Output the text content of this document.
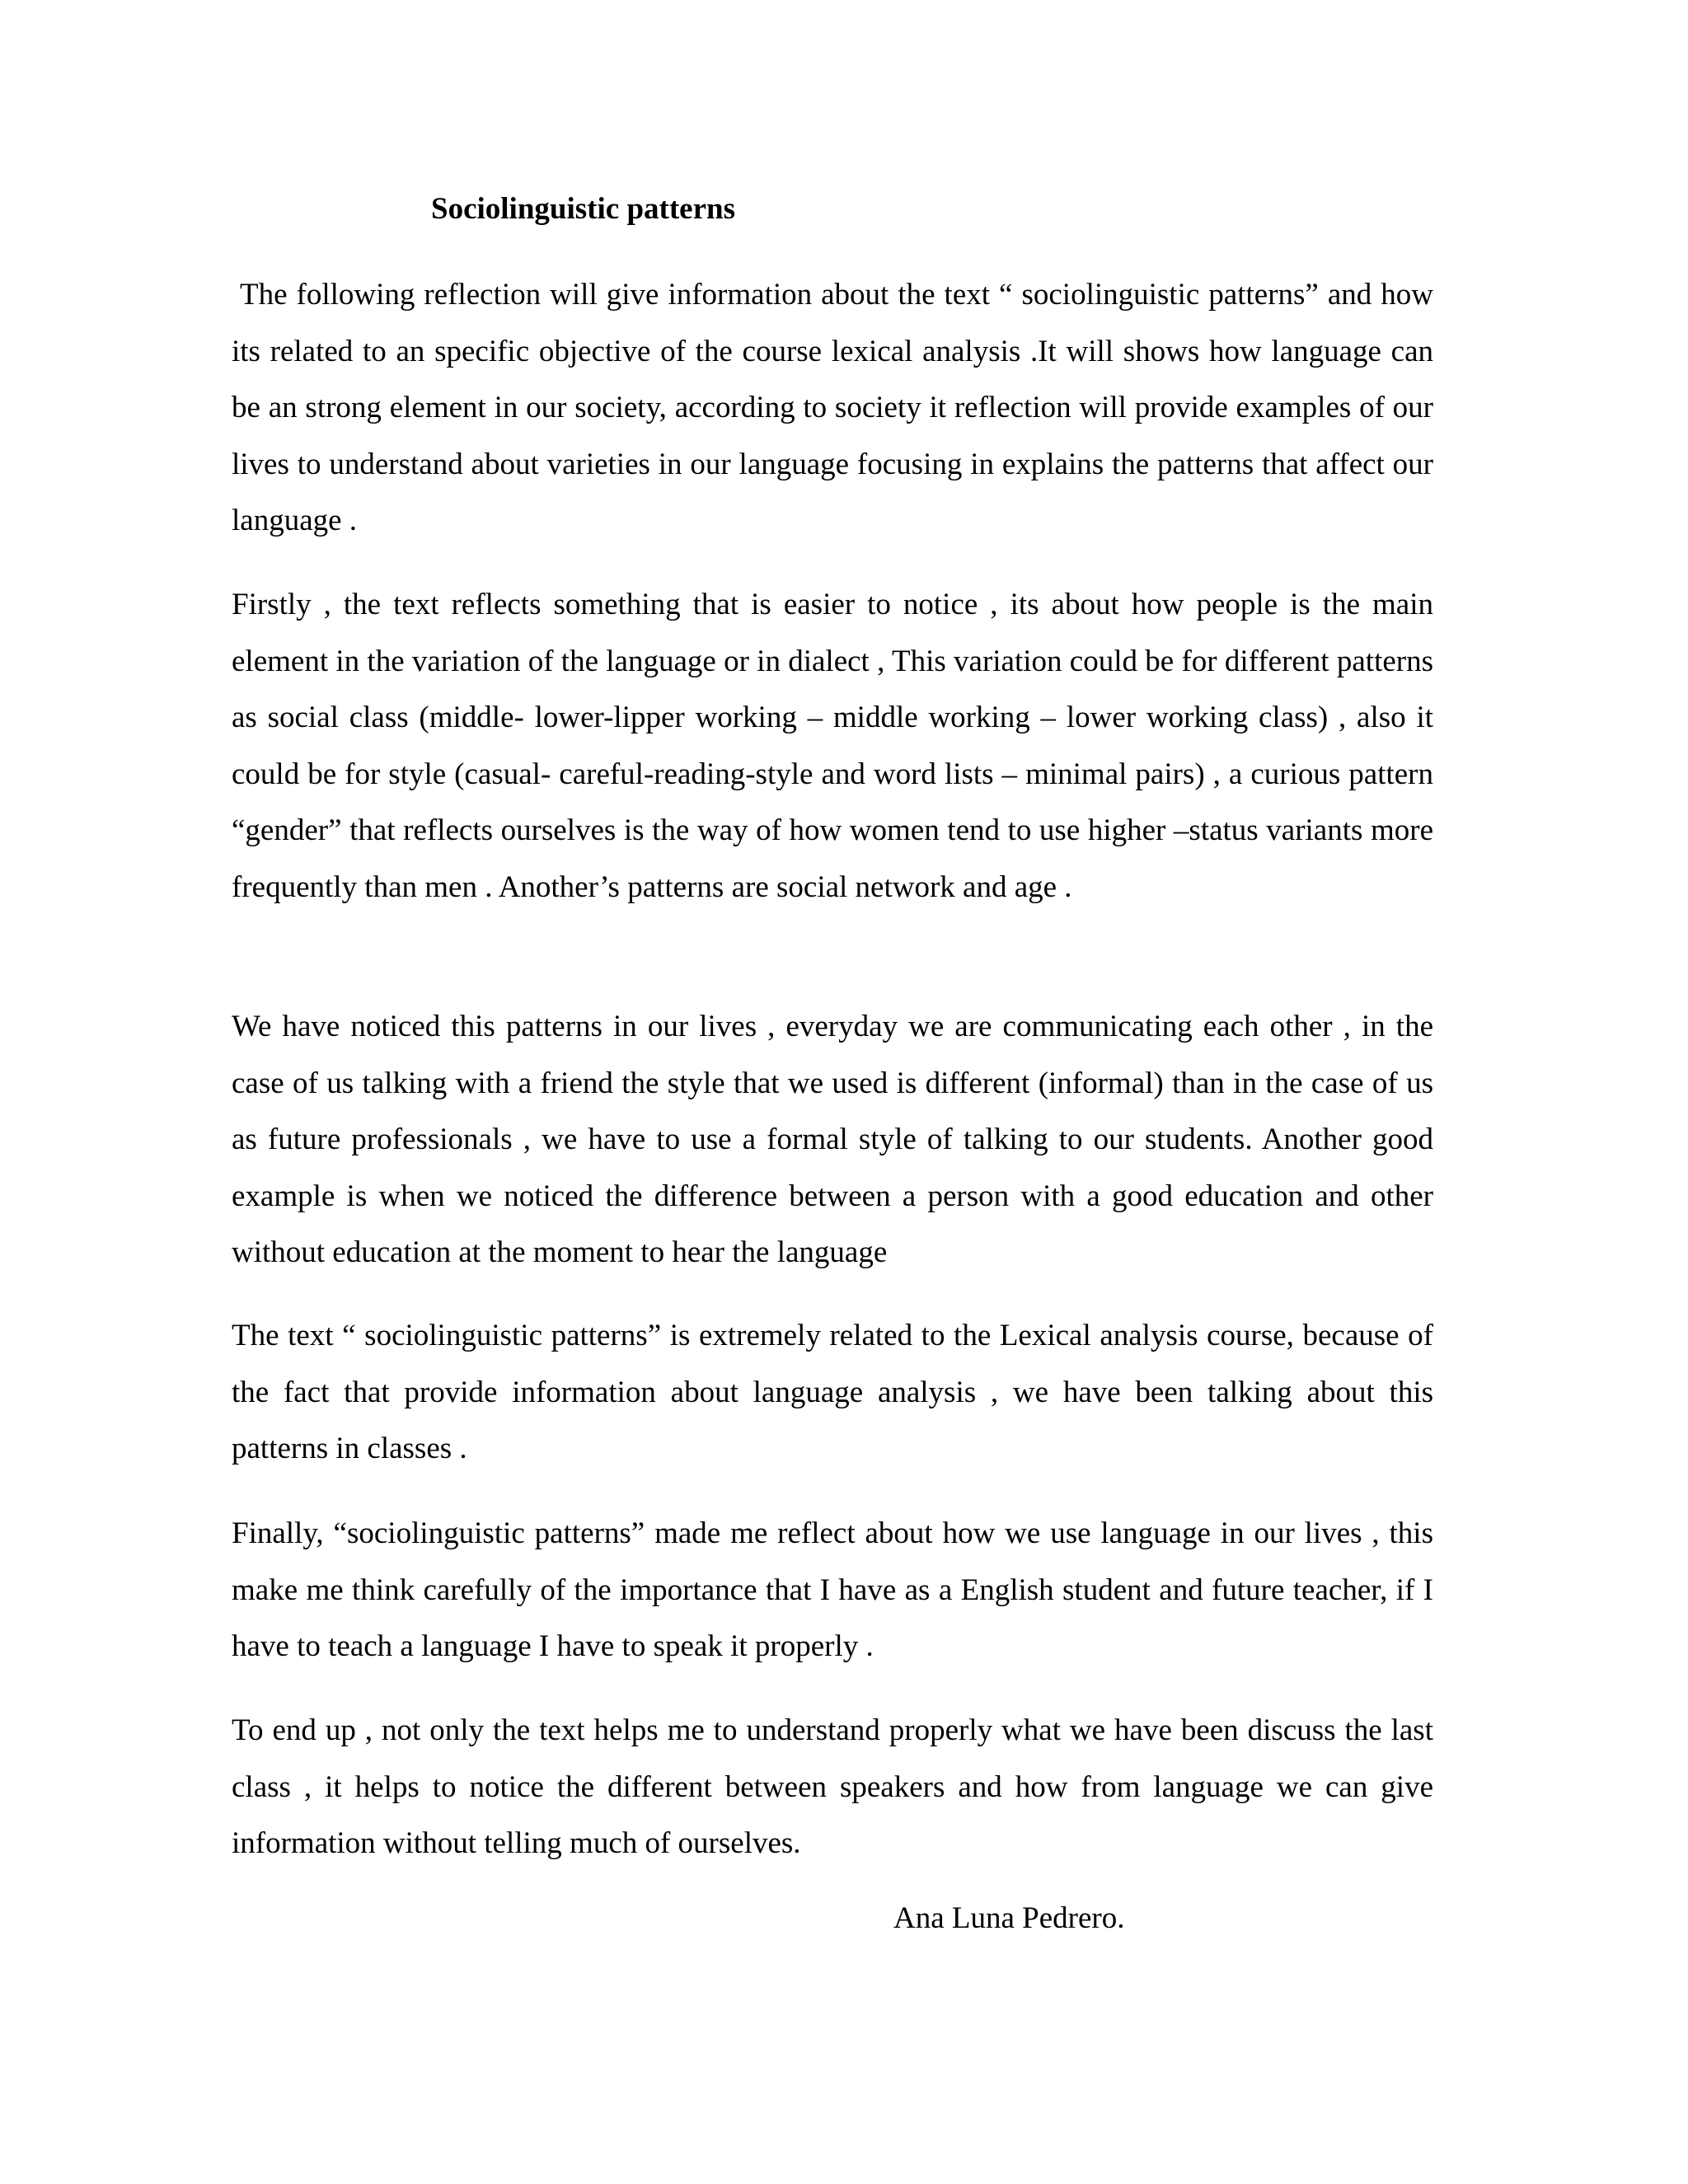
Sociolinguistic patterns

The following reflection will give information about the text “ sociolinguistic patterns” and how its related to an specific objective of the course lexical analysis .It will shows how language can be an strong element in our society, according to society it reflection will provide examples of our lives to understand about varieties in our language focusing in explains the patterns that affect our language .

Firstly , the text reflects something that is easier to notice , its about how people is the main element in the variation of the language or in dialect , This variation could be for different patterns as social class (middle- lower-lipper working – middle working – lower working class) , also it could be for style (casual- careful-reading-style and word lists – minimal pairs) , a curious pattern “gender” that reflects ourselves is the way of how women tend to use higher –status variants more frequently than men . Another’s patterns are social network and age .

We have noticed this patterns in our lives , everyday we are communicating each other , in the case of us talking with a friend the style that we used is different (informal) than in the case of us as future professionals , we have to use a formal style of talking to our students. Another good example is when we noticed the difference between a person with a good education and other without education at the moment to hear the language

The text “ sociolinguistic patterns” is extremely related to the Lexical analysis course, because of the fact that provide information about language analysis , we have been talking about this patterns in classes .

Finally, “sociolinguistic patterns” made me reflect about how we use language in our lives , this make me think carefully of the importance that I have as a English student and future teacher, if I have to teach a language I have to speak it properly .

To end up , not only the text helps me to understand properly what we have been discuss the last class , it helps to notice the different between speakers and how from language we can give information without telling much of ourselves.

Ana Luna Pedrero.
